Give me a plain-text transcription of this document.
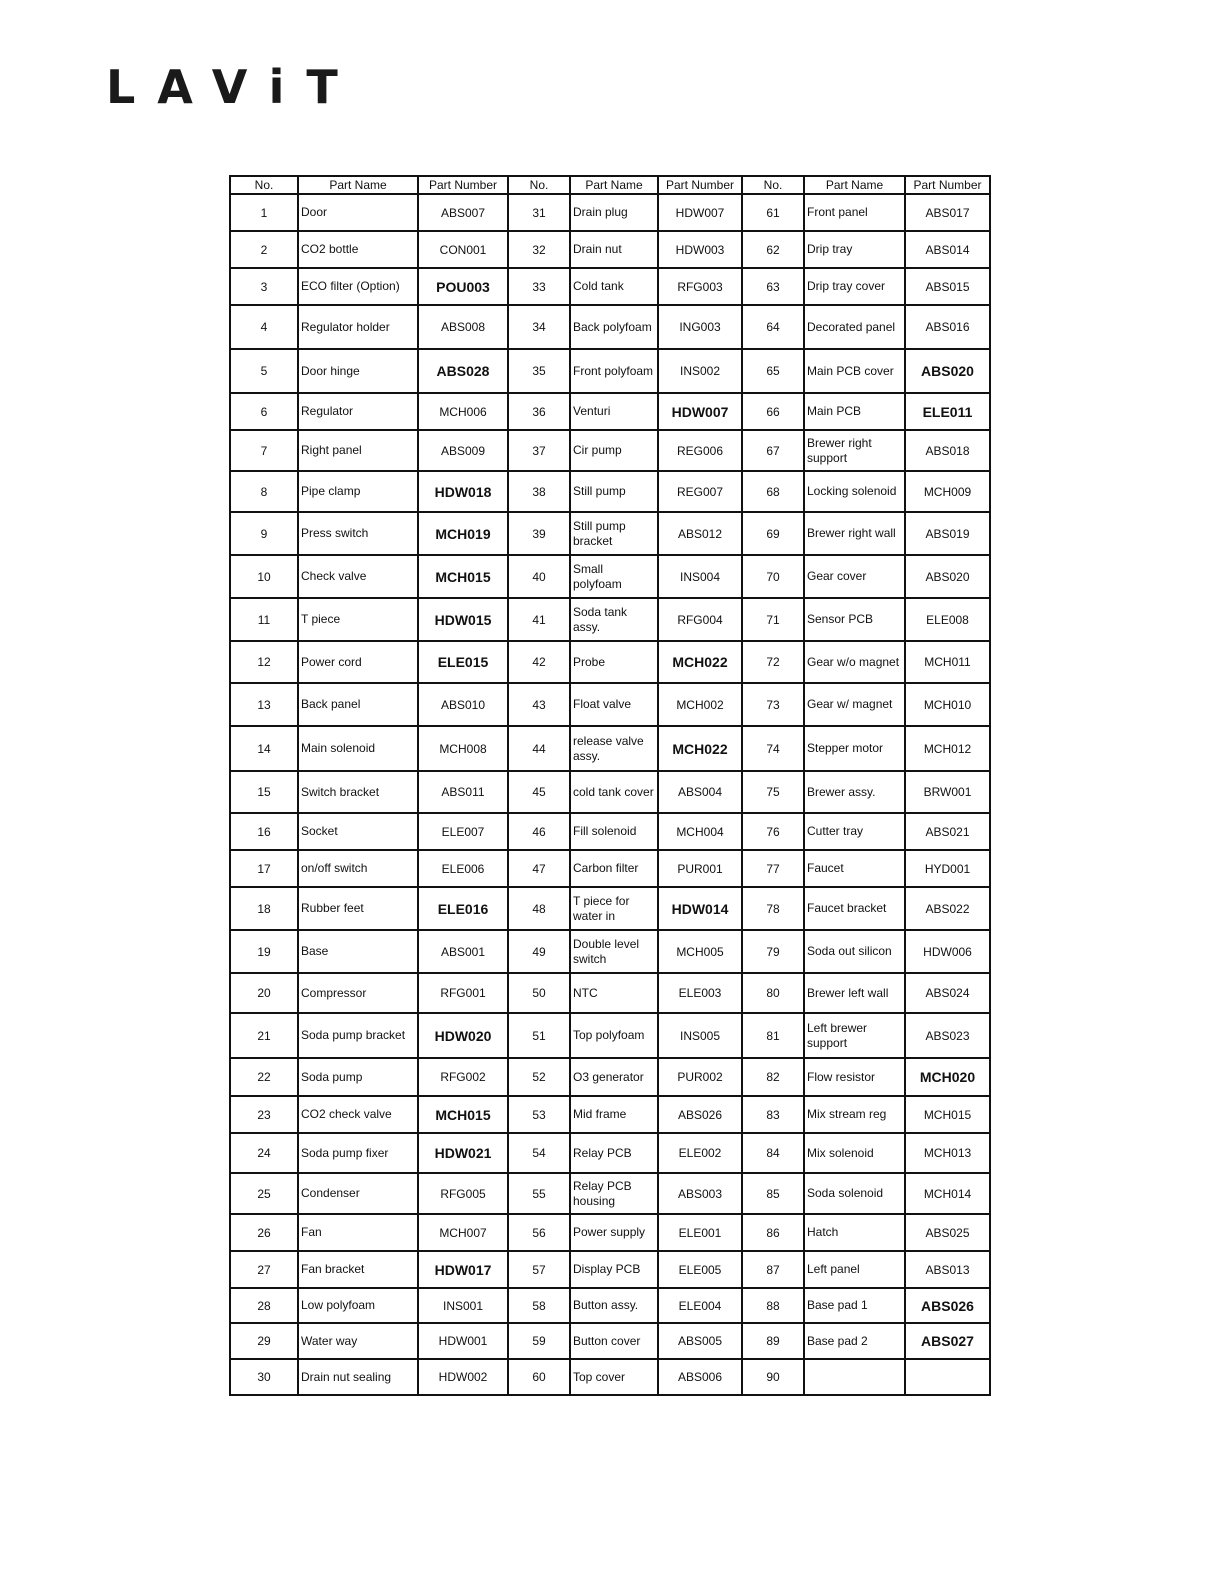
LAViT
No.	Part Name	Part Number	No.	Part Name	Part Number	No.	Part Name	Part Number
1	Door	ABS007	31	Drain plug	HDW007	61	Front panel	ABS017
2	CO2 bottle	CON001	32	Drain nut	HDW003	62	Drip tray	ABS014
3	ECO filter (Option)	POU003	33	Cold tank	RFG003	63	Drip tray cover	ABS015
4	Regulator holder	ABS008	34	Back polyfoam	ING003	64	Decorated panel	ABS016
5	Door hinge	ABS028	35	Front polyfoam	INS002	65	Main PCB cover	ABS020
6	Regulator	MCH006	36	Venturi	HDW007	66	Main PCB	ELE011
7	Right panel	ABS009	37	Cir pump	REG006	67	Brewer right support	ABS018
8	Pipe clamp	HDW018	38	Still pump	REG007	68	Locking solenoid	MCH009
9	Press switch	MCH019	39	Still pump bracket	ABS012	69	Brewer right wall	ABS019
10	Check valve	MCH015	40	Small polyfoam	INS004	70	Gear cover	ABS020
11	T piece	HDW015	41	Soda tank assy.	RFG004	71	Sensor PCB	ELE008
12	Power cord	ELE015	42	Probe	MCH022	72	Gear w/o magnet	MCH011
13	Back panel	ABS010	43	Float valve	MCH002	73	Gear w/ magnet	MCH010
14	Main solenoid	MCH008	44	release valve assy.	MCH022	74	Stepper motor	MCH012
15	Switch bracket	ABS011	45	cold tank cover	ABS004	75	Brewer assy.	BRW001
16	Socket	ELE007	46	Fill solenoid	MCH004	76	Cutter tray	ABS021
17	on/off switch	ELE006	47	Carbon filter	PUR001	77	Faucet	HYD001
18	Rubber feet	ELE016	48	T piece for water in	HDW014	78	Faucet bracket	ABS022
19	Base	ABS001	49	Double level switch	MCH005	79	Soda out silicon	HDW006
20	Compressor	RFG001	50	NTC	ELE003	80	Brewer left wall	ABS024
21	Soda pump bracket	HDW020	51	Top polyfoam	INS005	81	Left brewer support	ABS023
22	Soda pump	RFG002	52	O3 generator	PUR002	82	Flow resistor	MCH020
23	CO2 check valve	MCH015	53	Mid frame	ABS026	83	Mix stream reg	MCH015
24	Soda pump fixer	HDW021	54	Relay PCB	ELE002	84	Mix solenoid	MCH013
25	Condenser	RFG005	55	Relay PCB housing	ABS003	85	Soda solenoid	MCH014
26	Fan	MCH007	56	Power supply	ELE001	86	Hatch	ABS025
27	Fan bracket	HDW017	57	Display PCB	ELE005	87	Left panel	ABS013
28	Low polyfoam	INS001	58	Button assy.	ELE004	88	Base pad 1	ABS026
29	Water way	HDW001	59	Button cover	ABS005	89	Base pad 2	ABS027
30	Drain nut sealing	HDW002	60	Top cover	ABS006	90		
